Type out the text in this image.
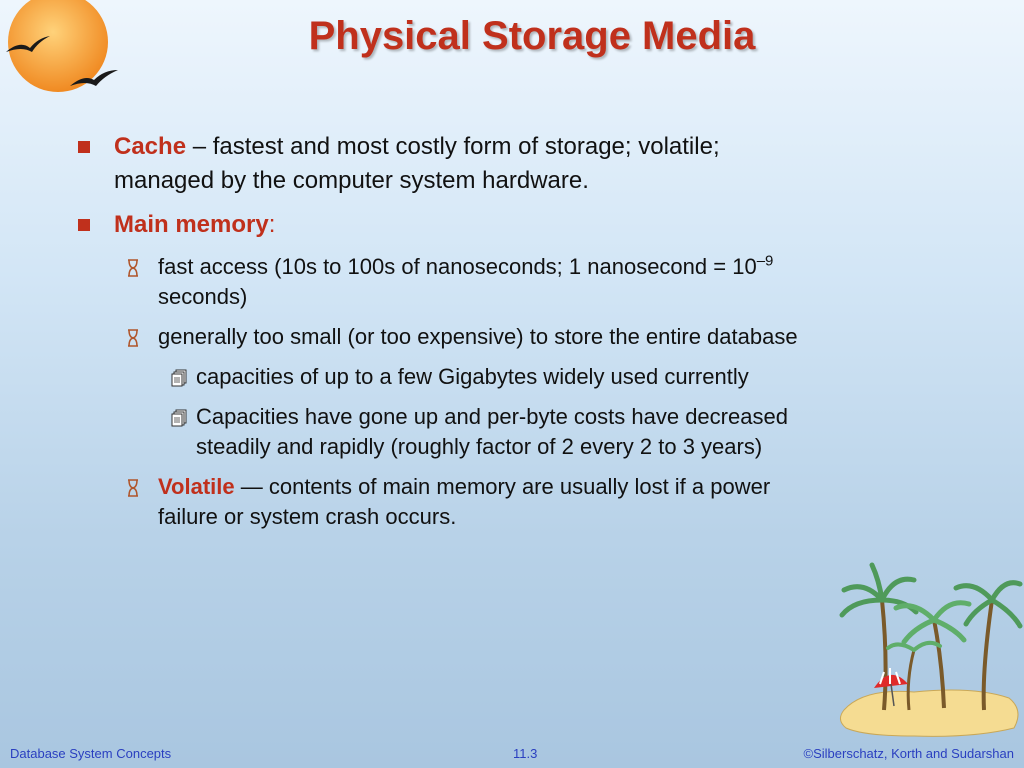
Physical Storage Media
Cache – fastest and most costly form of storage; volatile;
managed by the computer system hardware.
Main memory:
fast access (10s to 100s of nanoseconds; 1 nanosecond = $10^{-9}$
seconds)
generally too small (or too expensive) to store the entire database
capacities of up to a few Gigabytes widely used currently
Capacities have gone up and per-byte costs have decreased
steadily and rapidly (roughly factor of 2 every 2 to 3 years)
Volatile — contents of main memory are usually lost if a power
failure or system crash occurs.
Database System Concepts	11.3	©Silberschatz, Korth and Sudarshan
